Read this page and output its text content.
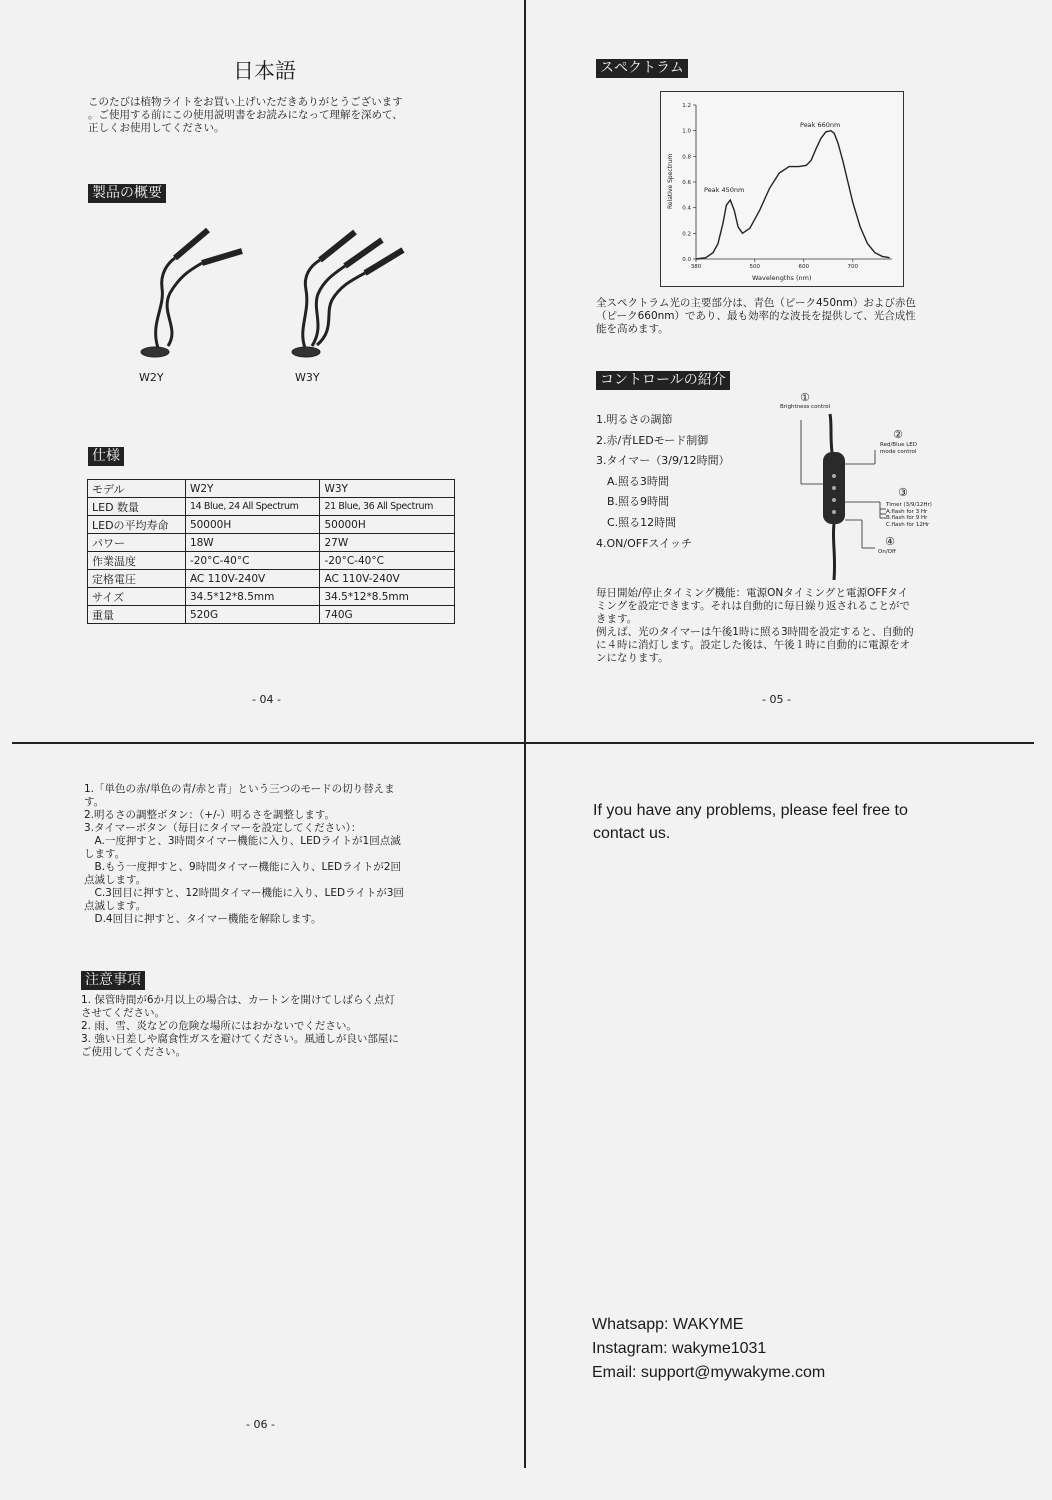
日本語
このたびは植物ライトをお買い上げいただきありがとうございます
。ご使用する前にこの使用説明書をお読みになって理解を深めて、
正しくお使用してください。
製品の概要
W2Y	W3Y
仕様
モデル	W2Y	W3Y
LED 数量	14 Blue, 24 All Spectrum	21 Blue, 36 All Spectrum
LEDの平均寿命	50000H	50000H
パワー	18W	27W
作業温度	-20°C-40°C	-20°C-40°C
定格電圧	AC 110V-240V	AC 110V-240V
サイズ	34.5*12*8.5mm	34.5*12*8.5mm
重量	520G	740G
- 04 -
スペクトラム
0.0
0.2
0.4
0.6
0.8
1.0
1.2
380	500	600	700
Peak 660nm
Peak 450nm
Wavelengths (nm)
Relative Spectrum
全スペクトラム光の主要部分は、青色（ピーク450nm）および赤色
（ピーク660nm）であり、最も効率的な波長を提供して、光合成性
能を高めます。
コントロールの紹介
1.明るさの調節
2.赤/青LEDモード制御
3.タイマー（3/9/12時間）
A.照る3時間
B.照る9時間
C.照る12時間
4.ON/OFFスイッチ
①
Brightness control
②
Red/Blue LED
mode control
③
Timer (3/9/12Hr)
A.flash for 3 Hr
B.flash for 9 Hr
C.flash for 12Hr
④
On/Off
毎日開始/停止タイミング機能：電源ONタイミングと電源OFFタイ
ミングを設定できます。それは自動的に毎日繰り返されることがで
きます。
例えば、光のタイマーは午後1時に照る3時間を設定すると、自動的
に４時に消灯します。設定した後は、午後１時に自動的に電源をオ
ンになります。
- 05 -
1.「単色の赤/単色の青/赤と青」という三つのモードの切り替えま
す。
2.明るさの調整ボタン：（+/-）明るさを調整します。
3.タイマーボタン（毎日にタイマーを設定してください）：
　A.一度押すと、3時間タイマー機能に入り、LEDライトが1回点滅
します。
　B.もう一度押すと、9時間タイマー機能に入り、LEDライトが2回
点滅します。
　C.3回目に押すと、12時間タイマー機能に入り、LEDライトが3回
点滅します。
　D.4回目に押すと、タイマー機能を解除します。
注意事項
1. 保管時間が6か月以上の場合は、カートンを開けてしばらく点灯
させてください。
2. 雨、雪、炎などの危険な場所にはおかないでください。
3. 強い日差しや腐食性ガスを避けてください。風通しが良い部屋に
ご使用してください。
- 06 -
If you have any problems, please feel free to
contact us.
Whatsapp: WAKYME
Instagram: wakyme1031
Email: support@mywakyme.com
